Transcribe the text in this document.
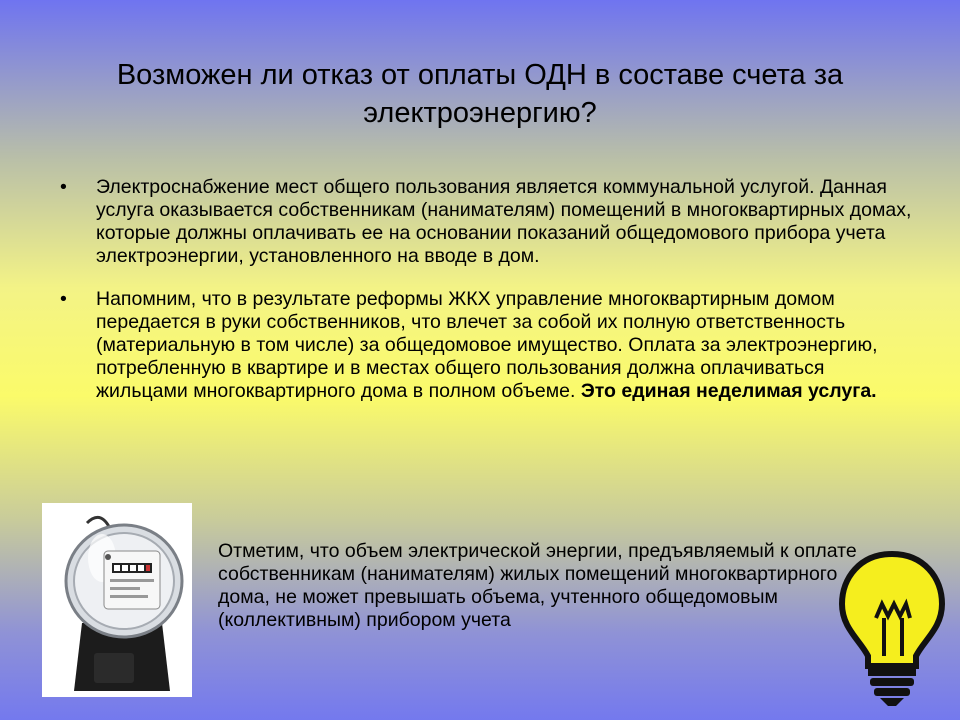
Возможен ли отказ от оплаты ОДН в составе счета за электроэнергию?
• Электроснабжение мест общего пользования является коммунальной услугой. Данная услуга оказывается собственникам (нанимателям) помещений в многоквартирных домах, которые должны оплачивать ее на основании показаний общедомового прибора учета электроэнергии, установленного на вводе в дом.
• Напомним, что в результате реформы ЖКХ управление многоквартирным домом передается в руки собственников, что влечет за собой их полную ответственность (материальную в том числе) за общедомовое имущество. Оплата за электроэнергию, потребленную в квартире и в местах общего пользования должна оплачиваться жильцами многоквартирного дома в полном объеме. Это единая неделимая услуга.
Отметим, что объем электрической энергии, предъявляемый к оплате собственникам (нанимателям) жилых помещений многоквартирного дома, не может превышать объема, учтенного общедомовым (коллективным) прибором учета
